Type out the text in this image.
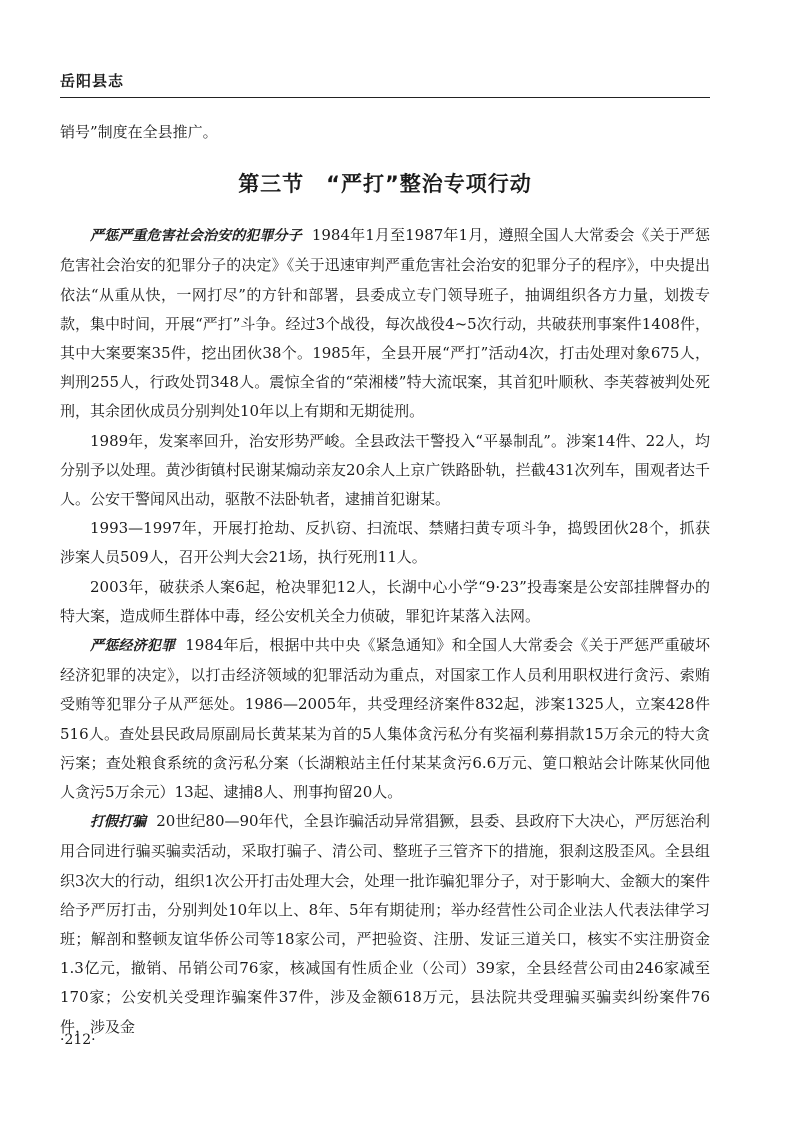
岳阳县志

销号”制度在全县推广。

第三节　“严打”整治专项行动

严惩严重危害社会治安的犯罪分子 1984年1月至1987年1月，遵照全国人大常委会《关于严惩危害社会治安的犯罪分子的决定》《关于迅速审判严重危害社会治安的犯罪分子的程序》，中央提出依法“从重从快，一网打尽”的方针和部署，县委成立专门领导班子，抽调组织各方力量，划拨专款，集中时间，开展“严打”斗争。经过3个战役，每次战役4~5次行动，共破获刑事案件1408件，其中大案要案35件，挖出团伙38个。1985年，全县开展“严打”活动4次，打击处理对象675人，判刑255人，行政处罚348人。震惊全省的“荣湘楼”特大流氓案，其首犯叶顺秋、李芙蓉被判处死刑，其余团伙成员分别判处10年以上有期和无期徒刑。

1989年，发案率回升，治安形势严峻。全县政法干警投入“平暴制乱”。涉案14件、22人，均分别予以处理。黄沙街镇村民谢某煽动亲友20余人上京广铁路卧轨，拦截431次列车，围观者达千人。公安干警闻风出动，驱散不法卧轨者，逮捕首犯谢某。

1993—1997年，开展打抢劫、反扒窃、扫流氓、禁赌扫黄专项斗争，捣毁团伙28个，抓获涉案人员509人，召开公判大会21场，执行死刑11人。

2003年，破获杀人案6起，枪决罪犯12人，长湖中心小学“9·23”投毒案是公安部挂牌督办的特大案，造成师生群体中毒，经公安机关全力侦破，罪犯许某落入法网。

严惩经济犯罪 1984年后，根据中共中央《紧急通知》和全国人大常委会《关于严惩严重破坏经济犯罪的决定》，以打击经济领域的犯罪活动为重点，对国家工作人员利用职权进行贪污、索贿受贿等犯罪分子从严惩处。1986—2005年，共受理经济案件832起，涉案1325人，立案428件516人。查处县民政局原副局长黄某某为首的5人集体贪污私分有奖福利募捐款15万余元的特大贪污案；查处粮食系统的贪污私分案（长湖粮站主任付某某贪污6.6万元、筻口粮站会计陈某伙同他人贪污5万余元）13起、逮捕8人、刑事拘留20人。

打假打骗 20世纪80—90年代，全县诈骗活动异常猖獗，县委、县政府下大决心，严厉惩治利用合同进行骗买骗卖活动，采取打骗子、清公司、整班子三管齐下的措施，狠刹这股歪风。全县组织3次大的行动，组织1次公开打击处理大会，处理一批诈骗犯罪分子，对于影响大、金额大的案件给予严厉打击，分别判处10年以上、8年、5年有期徒刑；举办经营性公司企业法人代表法律学习班；解剖和整顿友谊华侨公司等18家公司，严把验资、注册、发证三道关口，核实不实注册资金1.3亿元，撤销、吊销公司76家，核减国有性质企业（公司）39家，全县经营公司由246家减至170家；公安机关受理诈骗案件37件，涉及金额618万元，县法院共受理骗买骗卖纠纷案件76件，涉及金

·212·
